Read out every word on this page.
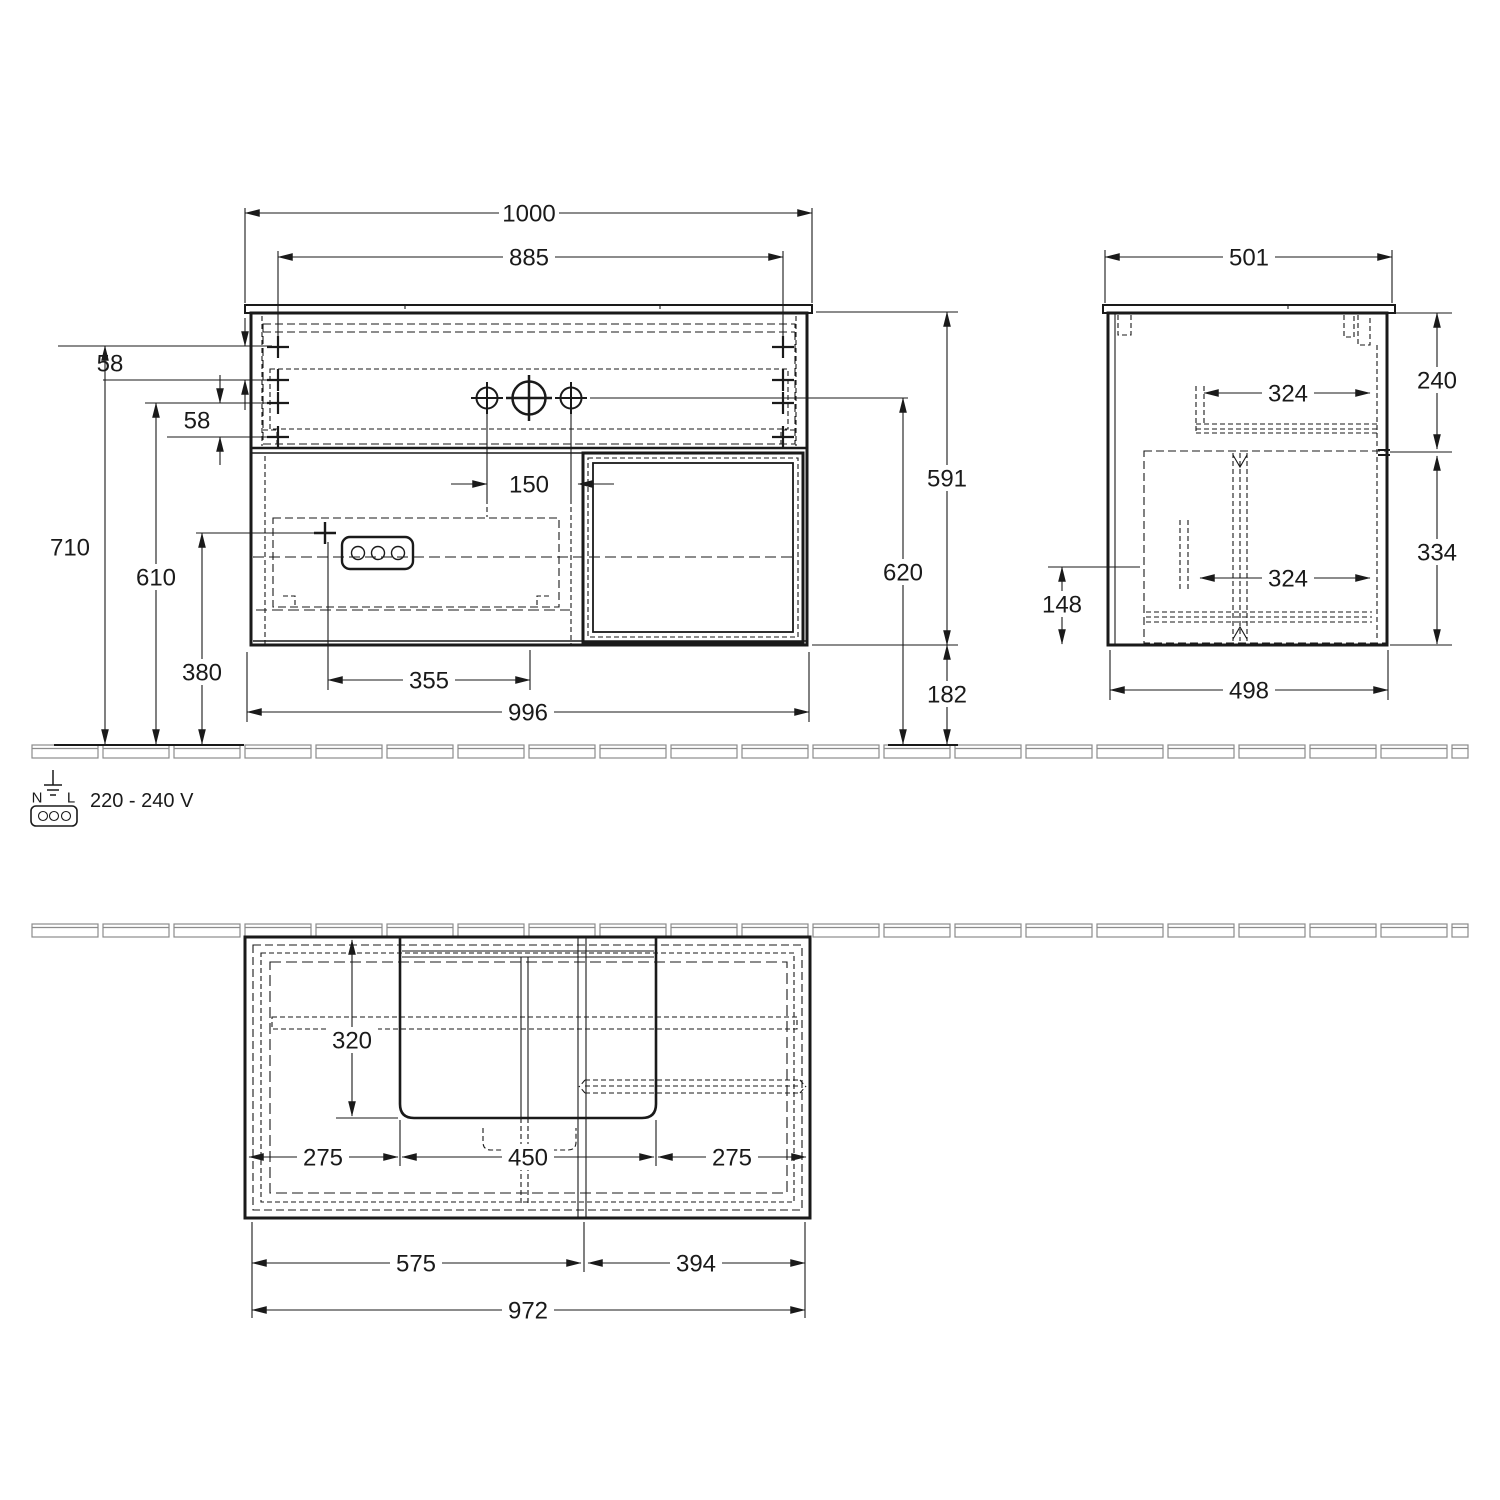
1000
885
58
58
710
610
380
150
355
996
591
620
182
501
324
324
240
334
148
498
320
275	450	275
575	394
972
N L 220 - 240 V
